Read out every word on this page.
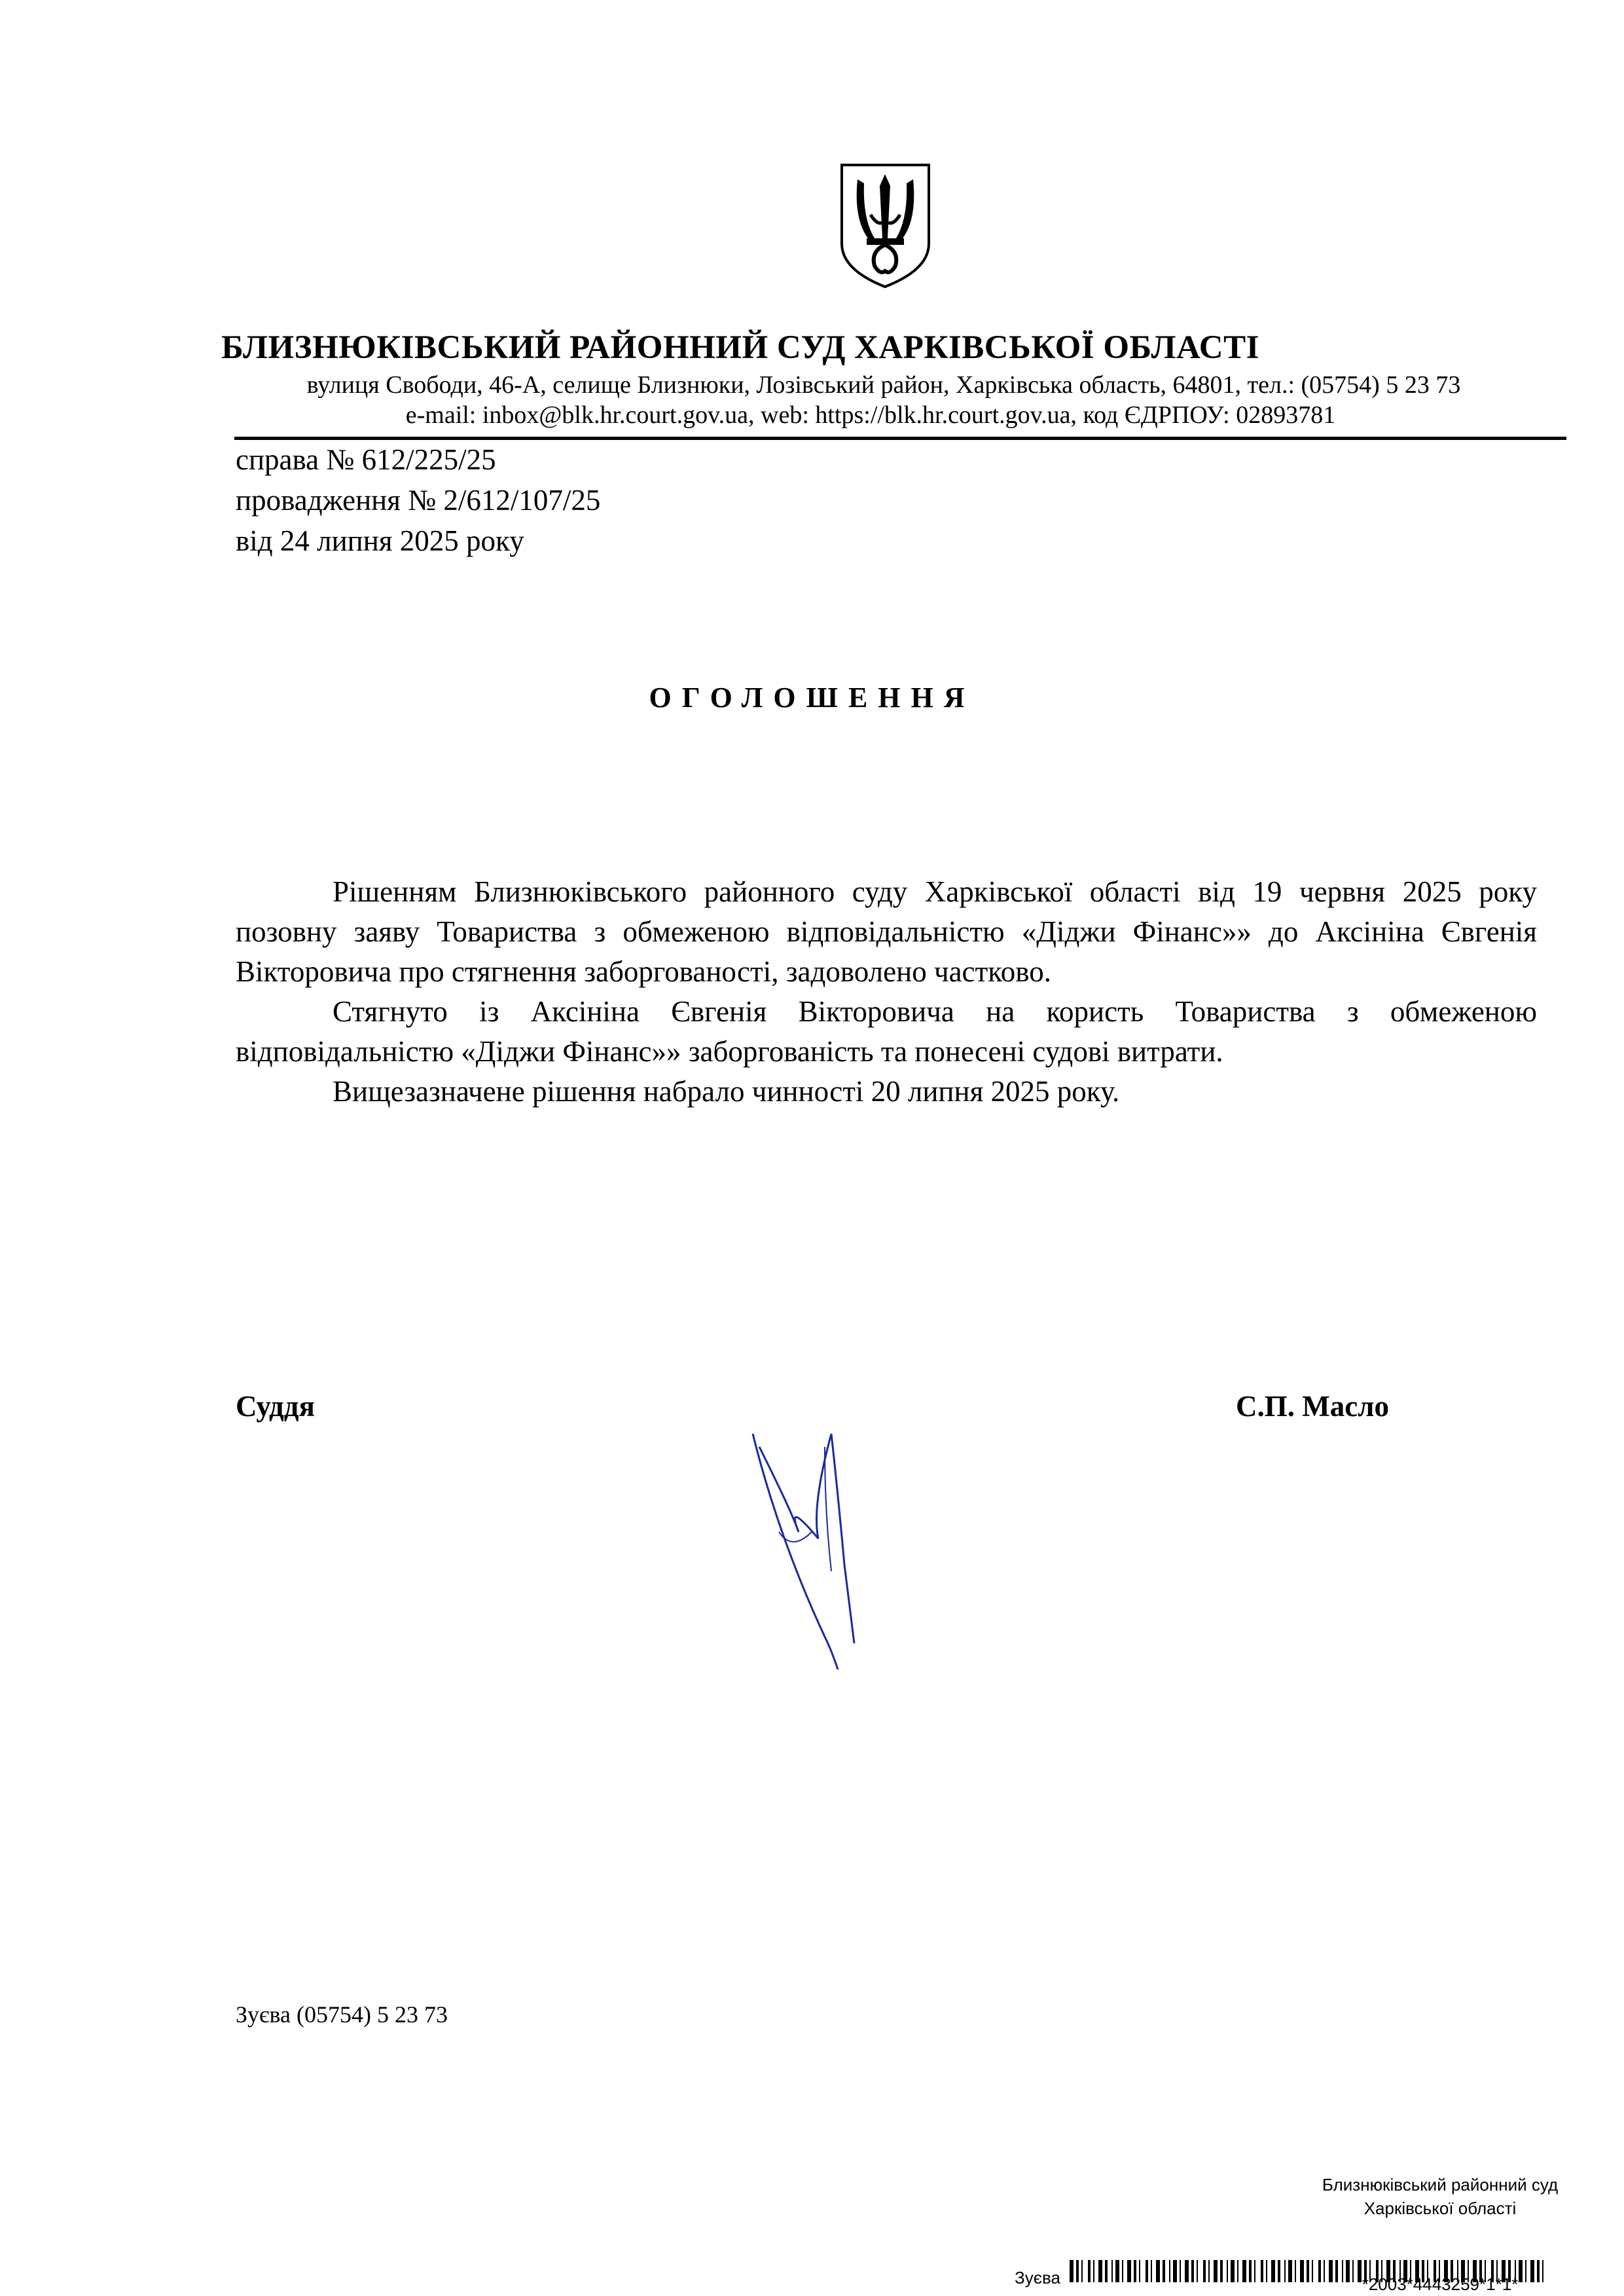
БЛИЗНЮКІВСЬКИЙ РАЙОННИЙ СУД ХАРКІВСЬКОЇ ОБЛАСТІ
вулиця Свободи, 46-А, селище Близнюки, Лозівський район, Харківська область, 64801, тел.: (05754) 5 23 73
e-mail: inbox@blk.hr.court.gov.ua, web: https://blk.hr.court.gov.ua, код ЄДРПОУ: 02893781
справа № 612/225/25
провадження № 2/612/107/25
від 24 липня 2025 року
ОГОЛОШЕННЯ

Рішенням Близнюківського районного суду Харківської області від 19 червня 2025 року позовну заяву Товариства з обмеженою відповідальністю «Діджи Фінанс»» до Аксініна Євгенія Вікторовича про стягнення заборгованості, задоволено частково.

Стягнуто із Аксініна Євгенія Вікторовича на користь Товариства з обмеженою відповідальністю «Діджи Фінанс»» заборгованість та понесені судові витрати.

Вищезазначене рішення набрало чинності 20 липня 2025 року.

Суддя	С.П. Масло
Зуєва (05754) 5 23 73
Близнюківський районний суд
Харківської області
Зуєва	*2003*4443259*1*1*
